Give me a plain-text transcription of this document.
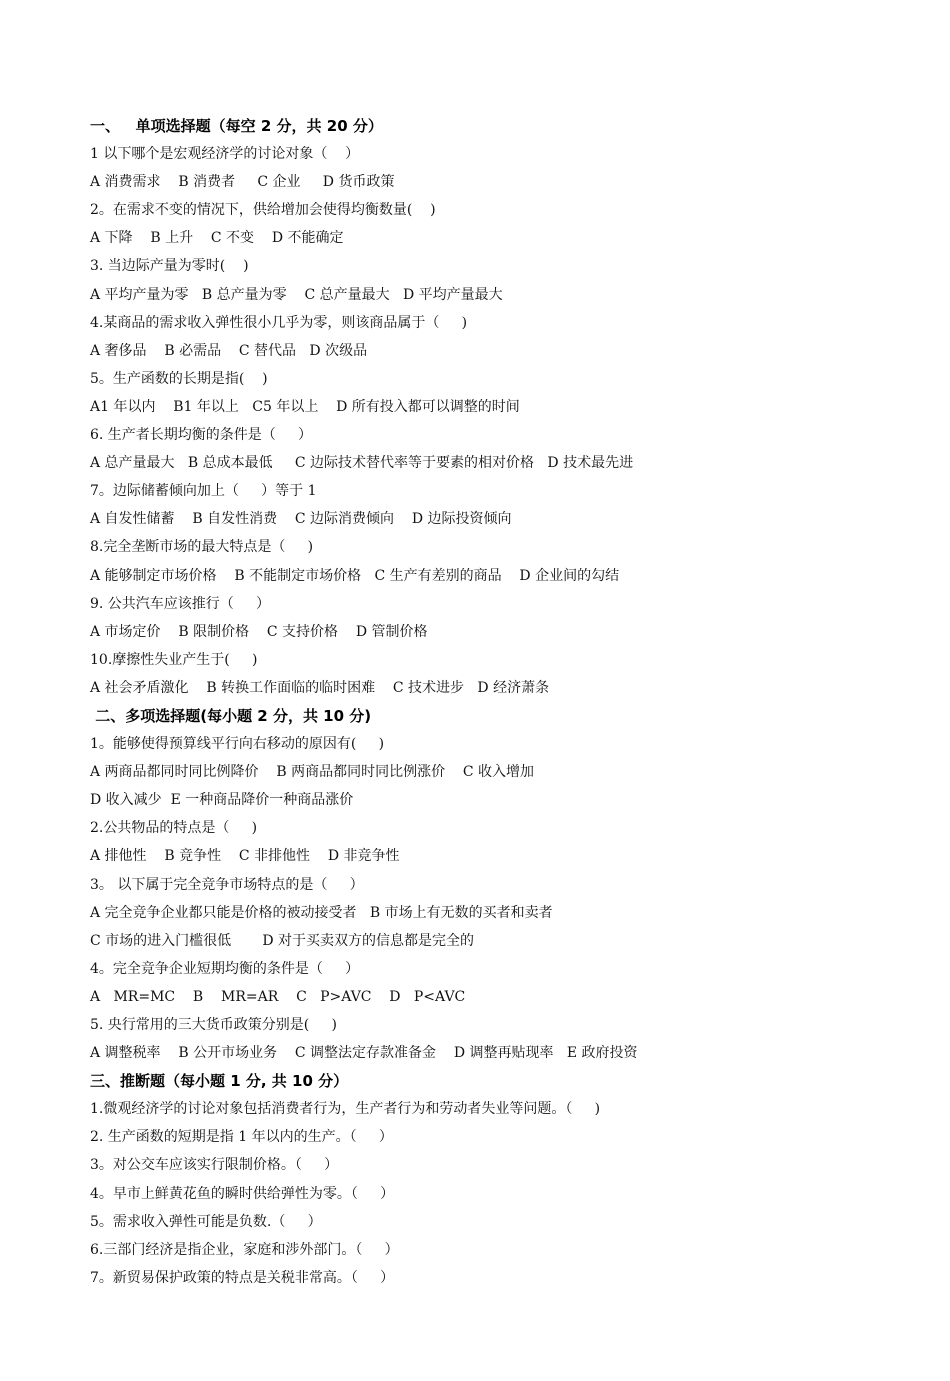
一、   单项选择题（每空 2 分，共 20 分）
1 以下哪个是宏观经济学的讨论对象（    ）
A 消费需求    B 消费者     C 企业     D 货币政策
2。在需求不变的情况下，供给增加会使得均衡数量(    )
A 下降    B 上升    C 不变    D 不能确定
3. 当边际产量为零时(    )
A 平均产量为零   B 总产量为零    C 总产量最大   D 平均产量最大
4.某商品的需求收入弹性很小几乎为零，则该商品属于（     )
A 奢侈品    B 必需品    C 替代品   D 次级品
5。生产函数的长期是指(    )
A1 年以内    B1 年以上   C5 年以上    D 所有投入都可以调整的时间
6. 生产者长期均衡的条件是（     ）
A 总产量最大   B 总成本最低     C 边际技术替代率等于要素的相对价格   D 技术最先进
7。边际储蓄倾向加上（     ）等于 1
A 自发性储蓄    B 自发性消费    C 边际消费倾向    D 边际投资倾向
8.完全垄断市场的最大特点是（     )
A 能够制定市场价格    B 不能制定市场价格   C 生产有差别的商品    D 企业间的勾结
9. 公共汽车应该推行（     ）
A 市场定价    B 限制价格    C 支持价格    D 管制价格
10.摩擦性失业产生于(     )
A 社会矛盾激化    B 转换工作面临的临时困难    C 技术进步   D 经济萧条
二、多项选择题(每小题 2 分，共 10 分)
1。能够使得预算线平行向右移动的原因有(     )
A 两商品都同时同比例降价    B 两商品都同时同比例涨价    C 收入增加
D 收入减少  E 一种商品降价一种商品涨价
2.公共物品的特点是（     )
A 排他性    B 竞争性    C 非排他性    D 非竞争性
3。 以下属于完全竞争市场特点的是（     ）
A 完全竞争企业都只能是价格的被动接受者   B 市场上有无数的买者和卖者
C 市场的进入门槛很低       D 对于买卖双方的信息都是完全的
4。完全竞争企业短期均衡的条件是（     ）
A   MR=MC    B    MR=AR    C   P>AVC    D   P<AVC
5. 央行常用的三大货币政策分别是(     )
A 调整税率    B 公开市场业务    C 调整法定存款准备金    D 调整再贴现率   E 政府投资
三、推断题（每小题 1 分, 共 10 分）
1.微观经济学的讨论对象包括消费者行为，生产者行为和劳动者失业等问题。（     )
2. 生产函数的短期是指 1 年以内的生产。（     ）
3。对公交车应该实行限制价格。（     ）
4。早市上鲜黄花鱼的瞬时供给弹性为零。（     ）
5。需求收入弹性可能是负数.（     ）
6.三部门经济是指企业，家庭和涉外部门。（     ）
7。新贸易保护政策的特点是关税非常高。（     ）
